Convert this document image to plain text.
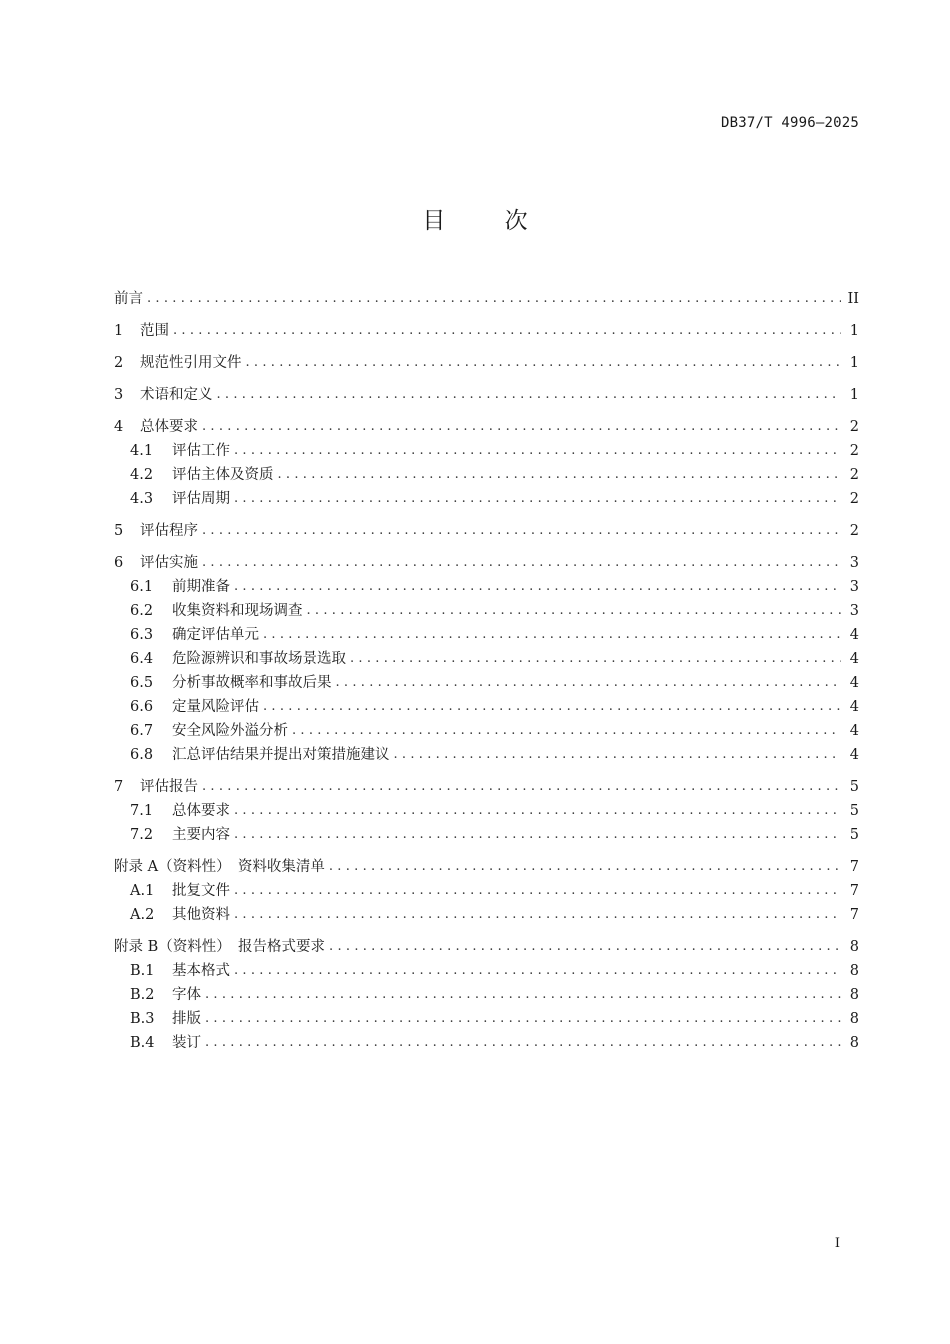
DB37/T 4996—2025
目	次
前言 .....	II
1	范围 .....	1
2	规范性引用文件 .....	1
3	术语和定义 .....	1
4	总体要求 .....	2
4.1	评估工作 .....	2
4.2	评估主体及资质 .....	2
4.3	评估周期 .....	2
5	评估程序 .....	2
6	评估实施 .....	3
6.1	前期准备 .....	3
6.2	收集资料和现场调查 .....	3
6.3	确定评估单元 .....	4
6.4	危险源辨识和事故场景选取 .....	4
6.5	分析事故概率和事故后果 .....	4
6.6	定量风险评估 .....	4
6.7	安全风险外溢分析 .....	4
6.8	汇总评估结果并提出对策措施建议 .....	4
7	评估报告 .....	5
7.1	总体要求 .....	5
7.2	主要内容 .....	5
附录 A（资料性）　资料收集清单 .....	7
A.1	批复文件 .....	7
A.2	其他资料 .....	7
附录 B（资料性）　报告格式要求 .....	8
B.1	基本格式 .....	8
B.2	字体 .....	8
B.3	排版 .....	8
B.4	装订 .....	8
I
